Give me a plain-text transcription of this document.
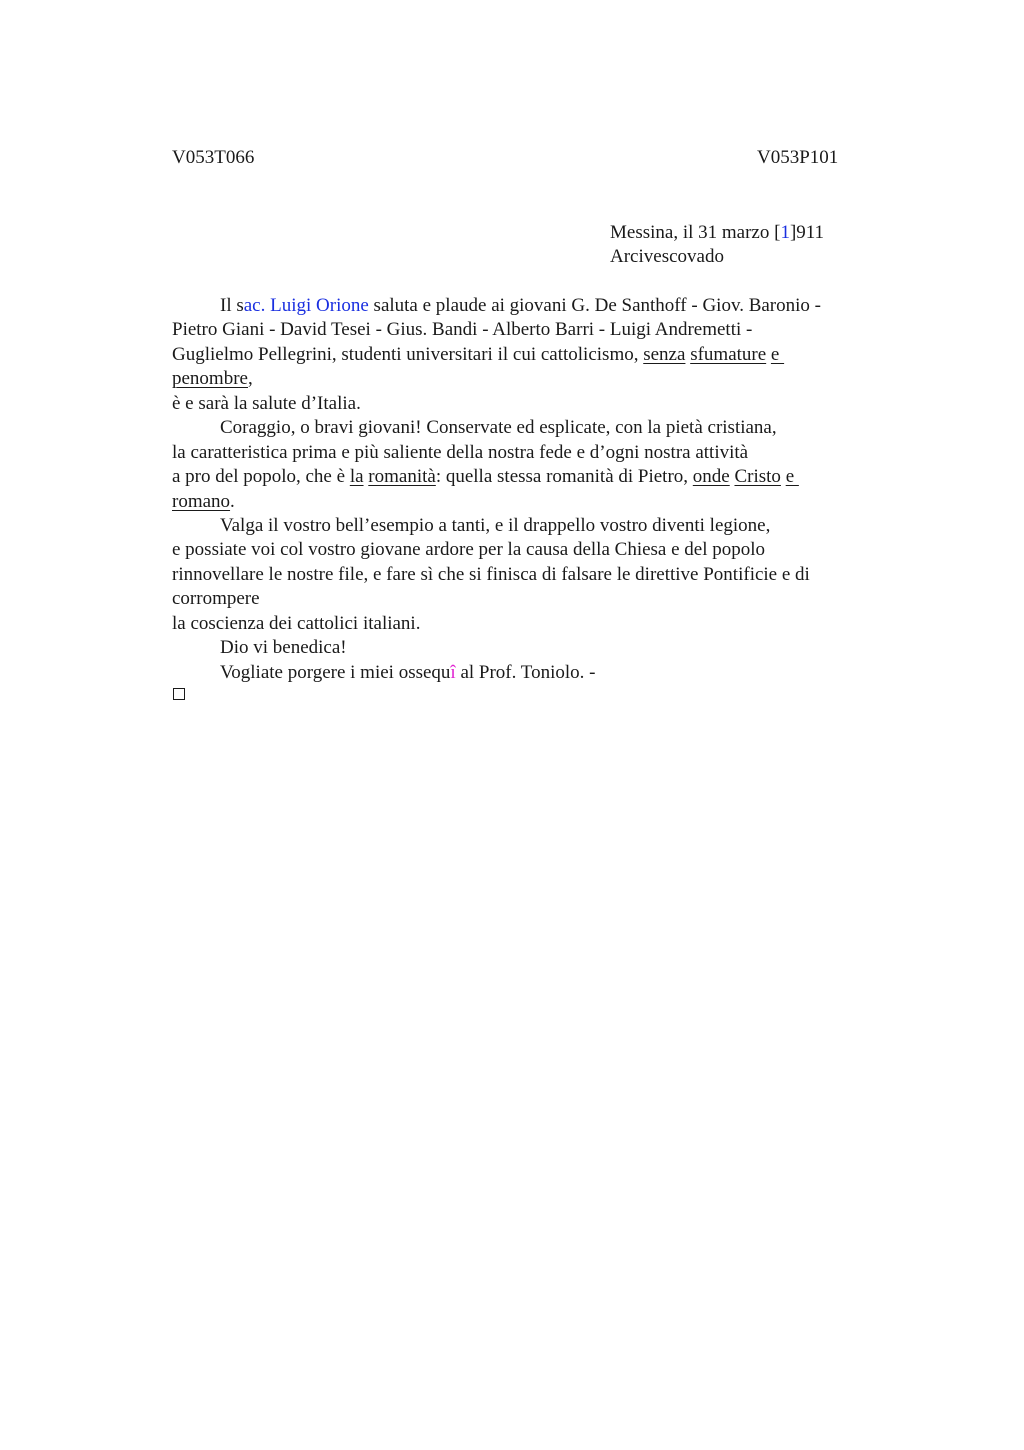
V053T066	V053P101
Messina, il 31 marzo [1]911
Arcivescovado
Il sac. Luigi Orione saluta e plaude ai giovani G. De Santhoff - Giov. Baronio -
Pietro Giani - David Tesei - Gius. Bandi - Alberto Barri - Luigi Andremetti -
Guglielmo Pellegrini, studenti universitari il cui cattolicismo, senza sfumature e
penombre,
è e sarà la salute d’Italia.
Coraggio, o bravi giovani! Conservate ed esplicate, con la pietà cristiana,
la caratteristica prima e più saliente della nostra fede e d’ogni nostra attività
a pro del popolo, che è la romanità: quella stessa romanità di Pietro, onde Cristo e
romano.
Valga il vostro bell’esempio a tanti, e il drappello vostro diventi legione,
e possiate voi col vostro giovane ardore per la causa della Chiesa e del popolo
rinnovellare le nostre file, e fare sì che si finisca di falsare le direttive Pontificie e di
corrompere
la coscienza dei cattolici italiani.
Dio vi benedica!
Vogliate porgere i miei ossequî al Prof. Toniolo. -
